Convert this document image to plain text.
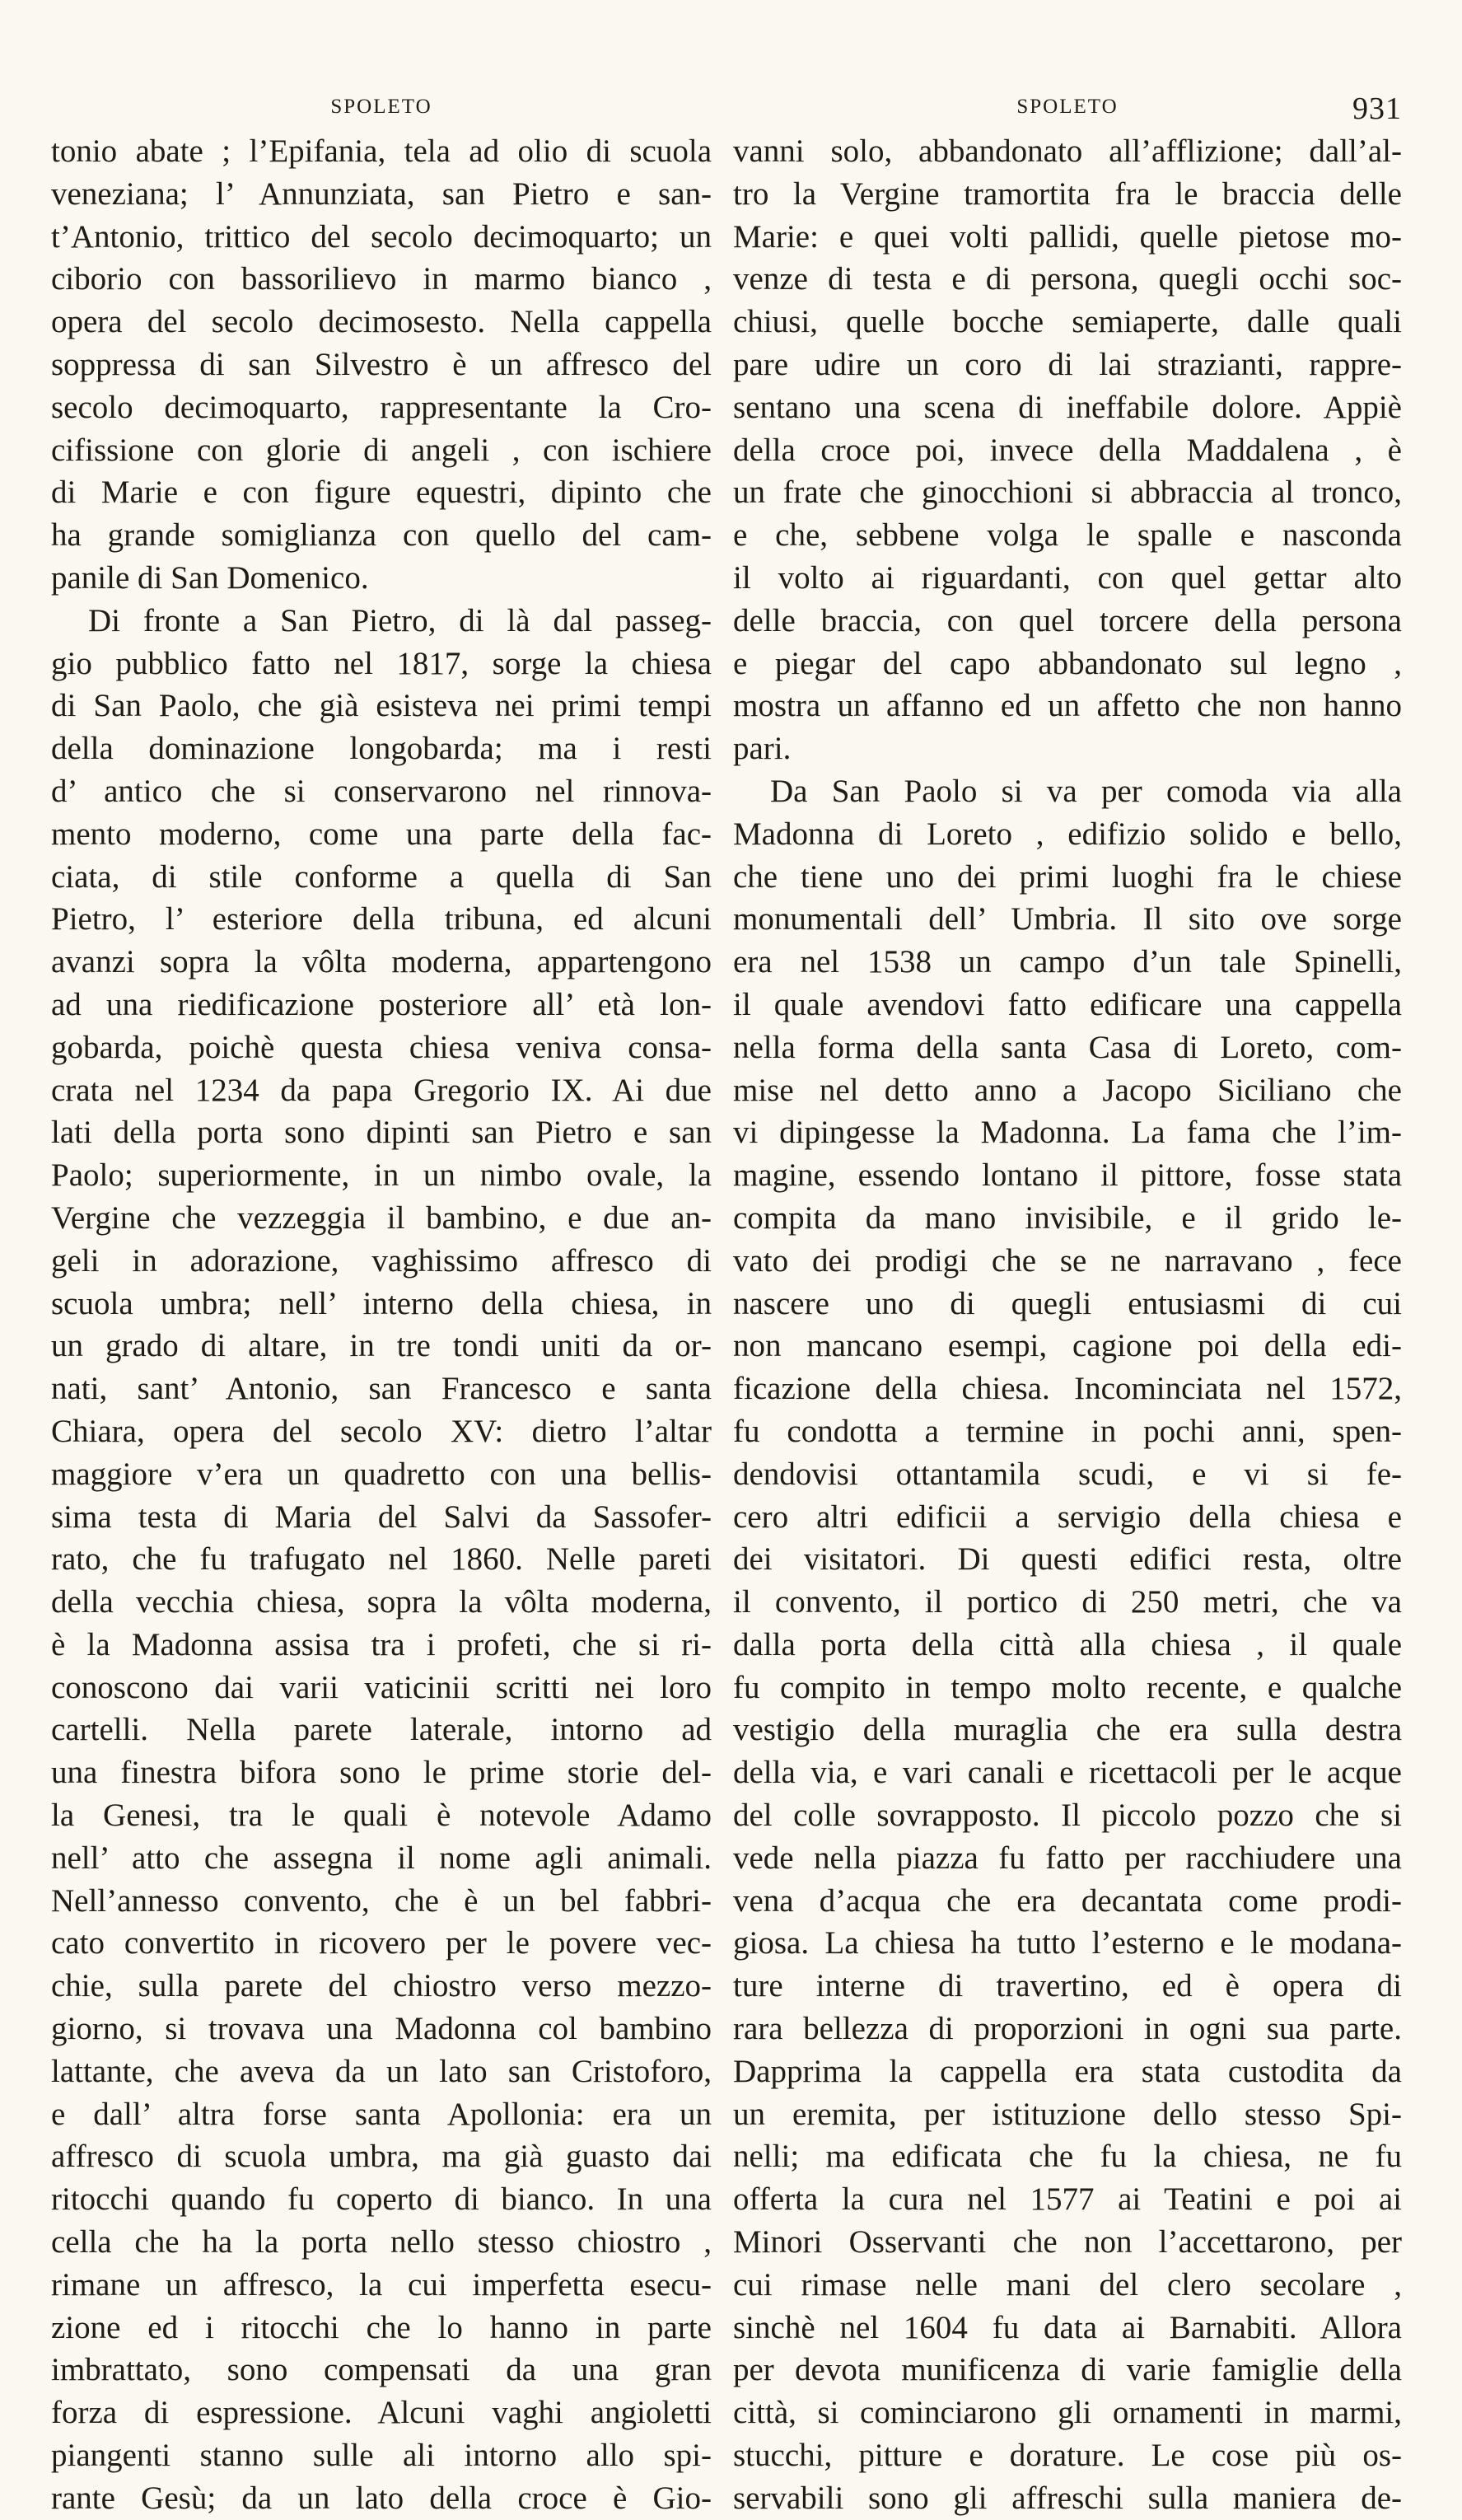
SPOLETO
tonio abate ; l’Epifania, tela ad olio di scuola
veneziana; l’ Annunziata, san Pietro e san-
t’Antonio, trittico del secolo decimoquarto; un
ciborio con bassorilievo in marmo bianco ,
opera del secolo decimosesto. Nella cappella
soppressa di san Silvestro è un affresco del
secolo decimoquarto, rappresentante la Cro-
cifissione con glorie di angeli , con ischiere
di Marie e con figure equestri, dipinto che
ha grande somiglianza con quello del cam-
panile di San Domenico.
Di fronte a San Pietro, di là dal passeg-
gio pubblico fatto nel 1817, sorge la chiesa
di San Paolo, che già esisteva nei primi tempi
della dominazione longobarda; ma i resti
d’ antico che si conservarono nel rinnova-
mento moderno, come una parte della fac-
ciata, di stile conforme a quella di San
Pietro, l’ esteriore della tribuna, ed alcuni
avanzi sopra la vôlta moderna, appartengono
ad una riedificazione posteriore all’ età lon-
gobarda, poichè questa chiesa veniva consa-
crata nel 1234 da papa Gregorio IX. Ai due
lati della porta sono dipinti san Pietro e san
Paolo; superiormente, in un nimbo ovale, la
Vergine che vezzeggia il bambino, e due an-
geli in adorazione, vaghissimo affresco di
scuola umbra; nell’ interno della chiesa, in
un grado di altare, in tre tondi uniti da or-
nati, sant’ Antonio, san Francesco e santa
Chiara, opera del secolo XV: dietro l’altar
maggiore v’era un quadretto con una bellis-
sima testa di Maria del Salvi da Sassofer-
rato, che fu trafugato nel 1860. Nelle pareti
della vecchia chiesa, sopra la vôlta moderna,
è la Madonna assisa tra i profeti, che si ri-
conoscono dai varii vaticinii scritti nei loro
cartelli. Nella parete laterale, intorno ad
una finestra bifora sono le prime storie del-
la Genesi, tra le quali è notevole Adamo
nell’ atto che assegna il nome agli animali.
Nell’annesso convento, che è un bel fabbri-
cato convertito in ricovero per le povere vec-
chie, sulla parete del chiostro verso mezzo-
giorno, si trovava una Madonna col bambino
lattante, che aveva da un lato san Cristoforo,
e dall’ altra forse santa Apollonia: era un
affresco di scuola umbra, ma già guasto dai
ritocchi quando fu coperto di bianco. In una
cella che ha la porta nello stesso chiostro ,
rimane un affresco, la cui imperfetta esecu-
zione ed i ritocchi che lo hanno in parte
imbrattato, sono compensati da una gran
forza di espressione. Alcuni vaghi angioletti
piangenti stanno sulle ali intorno allo spi-
rante Gesù; da un lato della croce è Gio-
SPOLETO	931
vanni solo, abbandonato all’afflizione; dall’al-
tro la Vergine tramortita fra le braccia delle
Marie: e quei volti pallidi, quelle pietose mo-
venze di testa e di persona, quegli occhi soc-
chiusi, quelle bocche semiaperte, dalle quali
pare udire un coro di lai strazianti, rappre-
sentano una scena di ineffabile dolore. Appiè
della croce poi, invece della Maddalena , è
un frate che ginocchioni si abbraccia al tronco,
e che, sebbene volga le spalle e nasconda
il volto ai riguardanti, con quel gettar alto
delle braccia, con quel torcere della persona
e piegar del capo abbandonato sul legno ,
mostra un affanno ed un affetto che non hanno
pari.
Da San Paolo si va per comoda via alla
Madonna di Loreto , edifizio solido e bello,
che tiene uno dei primi luoghi fra le chiese
monumentali dell’ Umbria. Il sito ove sorge
era nel 1538 un campo d’un tale Spinelli,
il quale avendovi fatto edificare una cappella
nella forma della santa Casa di Loreto, com-
mise nel detto anno a Jacopo Siciliano che
vi dipingesse la Madonna. La fama che l’im-
magine, essendo lontano il pittore, fosse stata
compita da mano invisibile, e il grido le-
vato dei prodigi che se ne narravano , fece
nascere uno di quegli entusiasmi di cui
non mancano esempi, cagione poi della edi-
ficazione della chiesa. Incominciata nel 1572,
fu condotta a termine in pochi anni, spen-
dendovisi ottantamila scudi, e vi si fe-
cero altri edificii a servigio della chiesa e
dei visitatori. Di questi edifici resta, oltre
il convento, il portico di 250 metri, che va
dalla porta della città alla chiesa , il quale
fu compito in tempo molto recente, e qualche
vestigio della muraglia che era sulla destra
della via, e vari canali e ricettacoli per le acque
del colle sovrapposto. Il piccolo pozzo che si
vede nella piazza fu fatto per racchiudere una
vena d’acqua che era decantata come prodi-
giosa. La chiesa ha tutto l’esterno e le modana-
ture interne di travertino, ed è opera di
rara bellezza di proporzioni in ogni sua parte.
Dapprima la cappella era stata custodita da
un eremita, per istituzione dello stesso Spi-
nelli; ma edificata che fu la chiesa, ne fu
offerta la cura nel 1577 ai Teatini e poi ai
Minori Osservanti che non l’accettarono, per
cui rimase nelle mani del clero secolare ,
sinchè nel 1604 fu data ai Barnabiti. Allora
per devota munificenza di varie famiglie della
città, si cominciarono gli ornamenti in marmi,
stucchi, pitture e dorature. Le cose più os-
servabili sono gli affreschi sulla maniera de-
